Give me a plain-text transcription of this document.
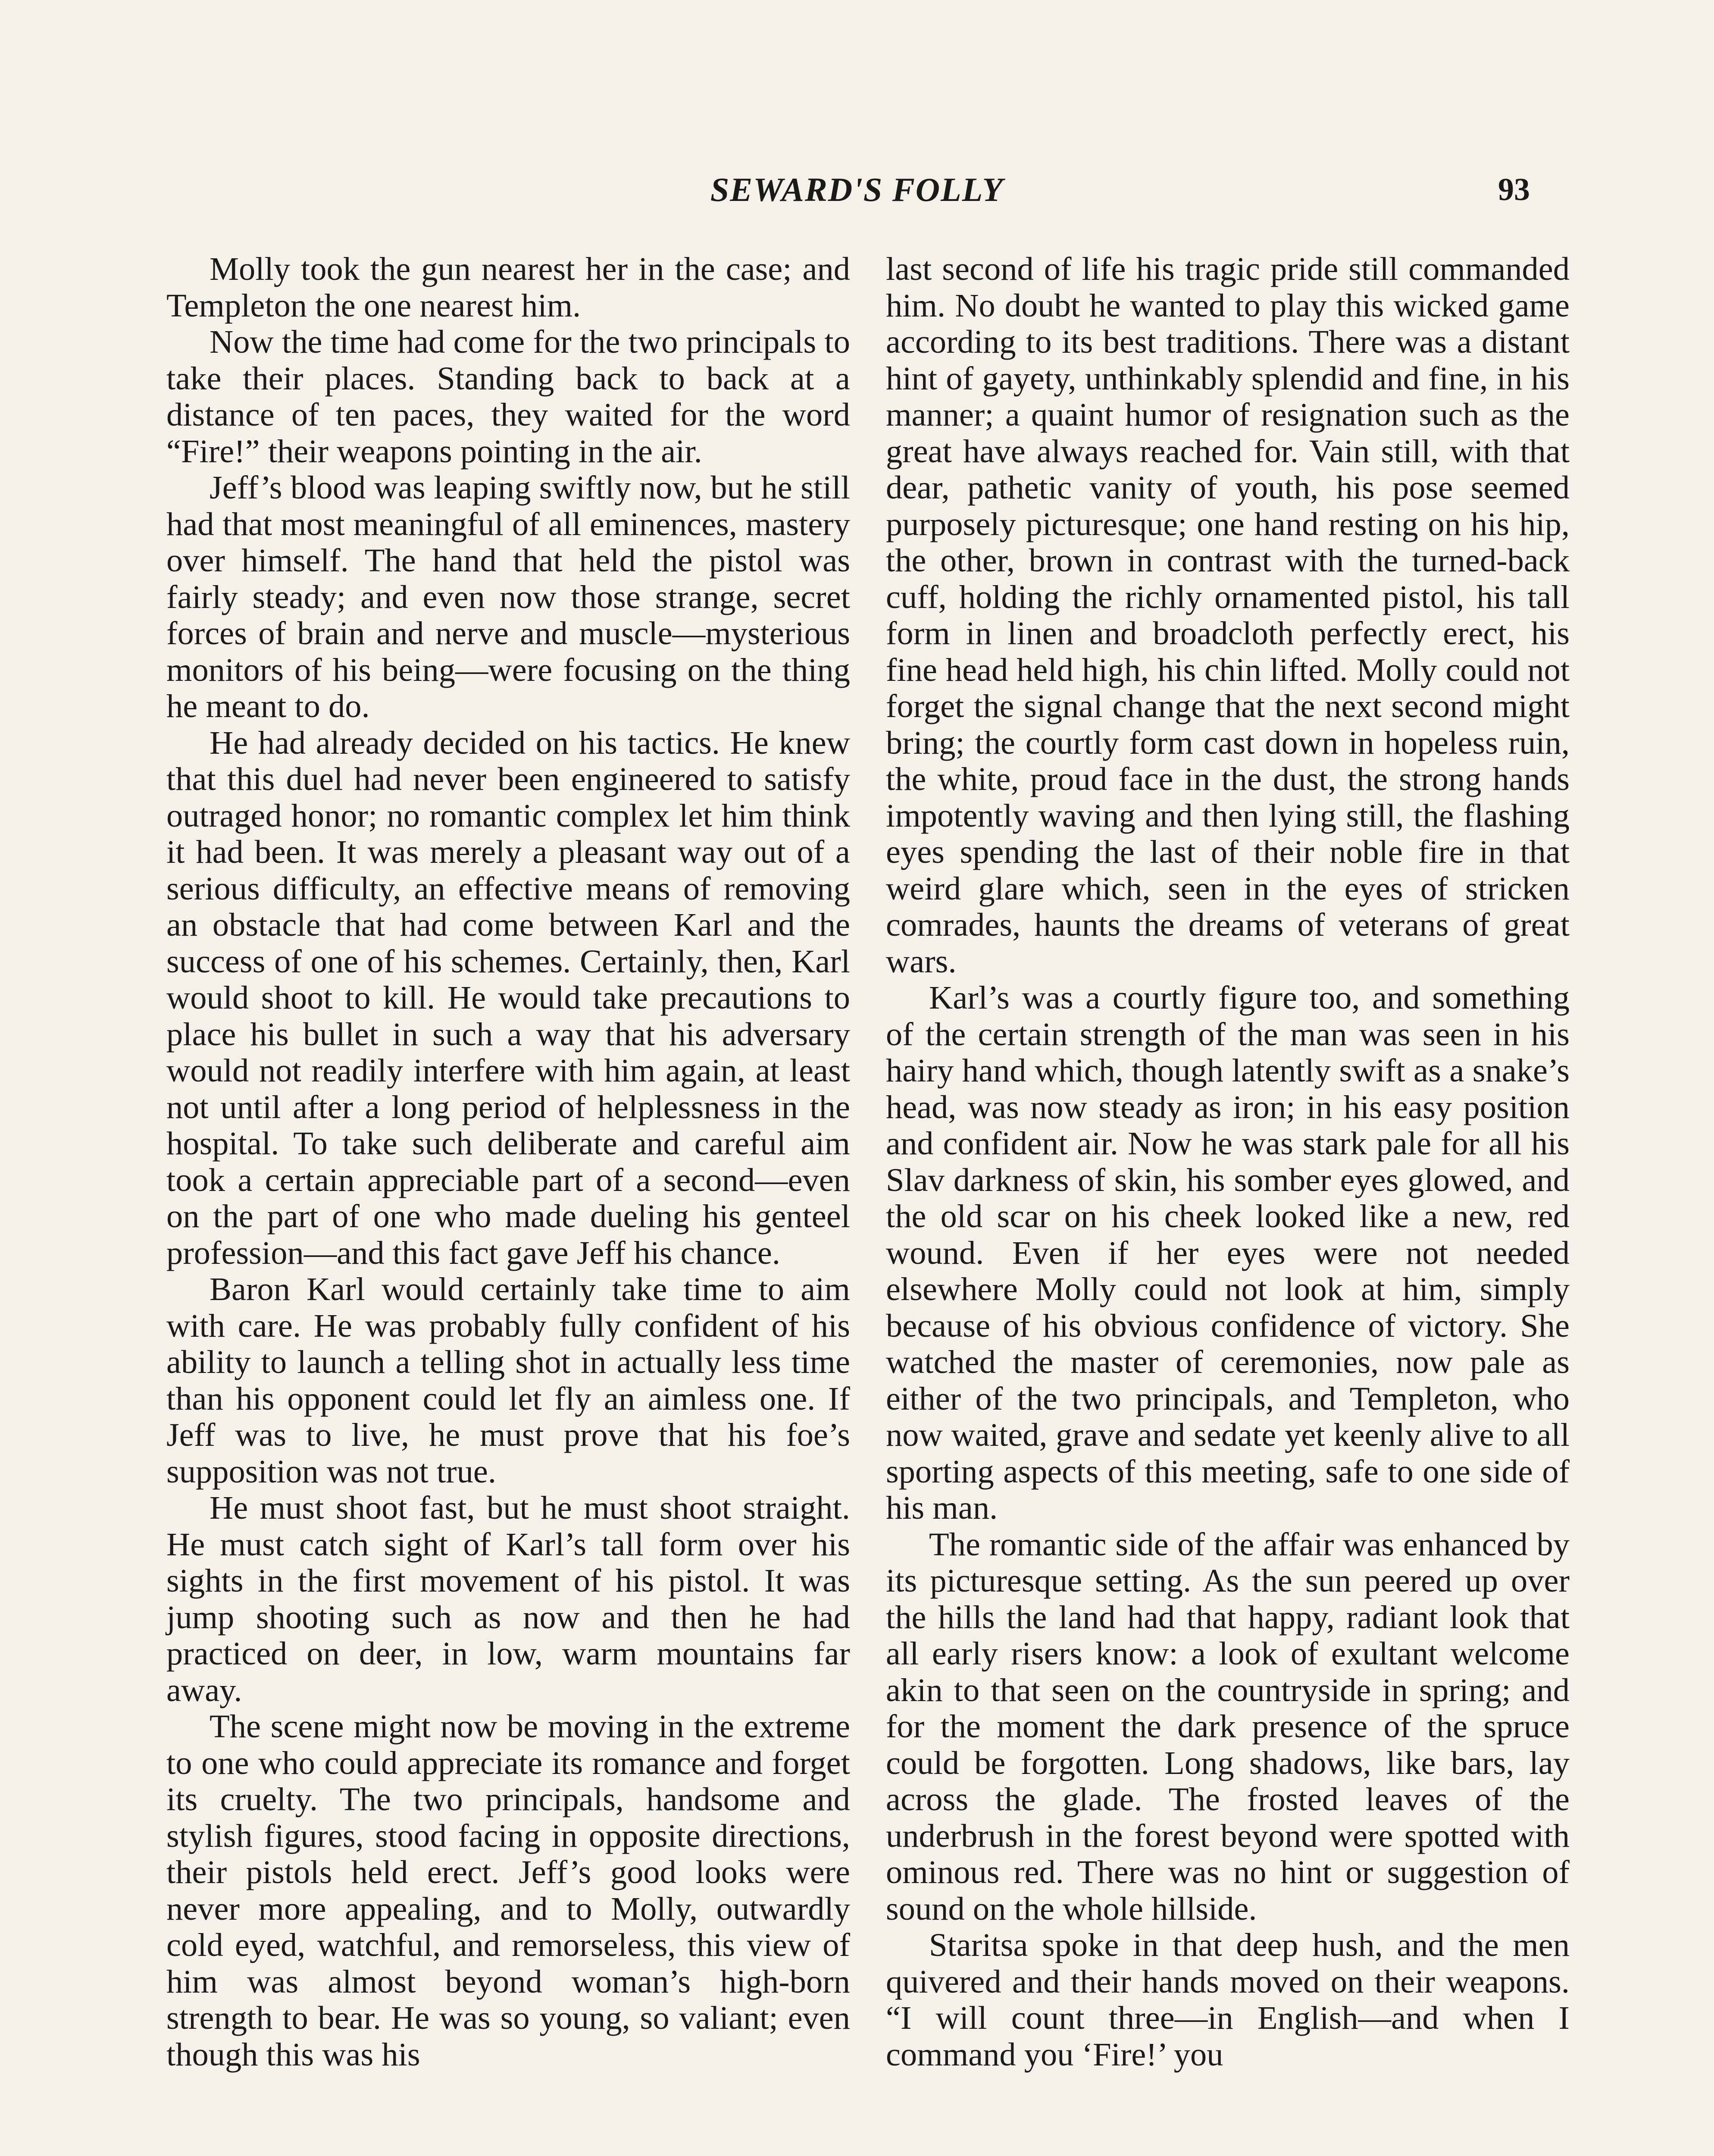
SEWARD'S FOLLY	93

Molly took the gun nearest her in the case; and Templeton the one nearest him.

Now the time had come for the two principals to take their places. Standing back to back at a distance of ten paces, they waited for the word “Fire!” their weapons pointing in the air.

Jeff’s blood was leaping swiftly now, but he still had that most meaningful of all eminences, mastery over himself. The hand that held the pistol was fairly steady; and even now those strange, secret forces of brain and nerve and muscle—mysterious monitors of his being—were focusing on the thing he meant to do.

He had already decided on his tactics. He knew that this duel had never been engineered to satisfy outraged honor; no romantic complex let him think it had been. It was merely a pleasant way out of a serious difficulty, an effective means of removing an obstacle that had come between Karl and the success of one of his schemes. Certainly, then, Karl would shoot to kill. He would take precautions to place his bullet in such a way that his adversary would not readily interfere with him again, at least not until after a long period of helplessness in the hospital. To take such deliberate and careful aim took a certain appreciable part of a second—even on the part of one who made dueling his genteel profession—and this fact gave Jeff his chance.

Baron Karl would certainly take time to aim with care. He was probably fully confident of his ability to launch a telling shot in actually less time than his opponent could let fly an aimless one. If Jeff was to live, he must prove that his foe’s supposition was not true.

He must shoot fast, but he must shoot straight. He must catch sight of Karl’s tall form over his sights in the first movement of his pistol. It was jump shooting such as now and then he had practiced on deer, in low, warm mountains far away.

The scene might now be moving in the extreme to one who could appreciate its romance and forget its cruelty. The two principals, handsome and stylish figures, stood facing in opposite directions, their pistols held erect. Jeff’s good looks were never more appealing, and to Molly, outwardly cold eyed, watchful, and remorseless, this view of him was almost beyond woman’s high-born strength to bear. He was so young, so valiant; even though this was his

last second of life his tragic pride still commanded him. No doubt he wanted to play this wicked game according to its best traditions. There was a distant hint of gayety, unthinkably splendid and fine, in his manner; a quaint humor of resignation such as the great have always reached for. Vain still, with that dear, pathetic vanity of youth, his pose seemed purposely picturesque; one hand resting on his hip, the other, brown in contrast with the turned-back cuff, holding the richly ornamented pistol, his tall form in linen and broadcloth perfectly erect, his fine head held high, his chin lifted. Molly could not forget the signal change that the next second might bring; the courtly form cast down in hopeless ruin, the white, proud face in the dust, the strong hands impotently waving and then lying still, the flashing eyes spending the last of their noble fire in that weird glare which, seen in the eyes of stricken comrades, haunts the dreams of veterans of great wars.

Karl’s was a courtly figure too, and something of the certain strength of the man was seen in his hairy hand which, though latently swift as a snake’s head, was now steady as iron; in his easy position and confident air. Now he was stark pale for all his Slav darkness of skin, his somber eyes glowed, and the old scar on his cheek looked like a new, red wound. Even if her eyes were not needed elsewhere Molly could not look at him, simply because of his obvious confidence of victory. She watched the master of ceremonies, now pale as either of the two principals, and Templeton, who now waited, grave and sedate yet keenly alive to all sporting aspects of this meeting, safe to one side of his man.

The romantic side of the affair was enhanced by its picturesque setting. As the sun peered up over the hills the land had that happy, radiant look that all early risers know: a look of exultant welcome akin to that seen on the countryside in spring; and for the moment the dark presence of the spruce could be forgotten. Long shadows, like bars, lay across the glade. The frosted leaves of the underbrush in the forest beyond were spotted with ominous red. There was no hint or suggestion of sound on the whole hillside.

Staritsa spoke in that deep hush, and the men quivered and their hands moved on their weapons. “I will count three—in English—and when I command you ‘Fire!’ you
